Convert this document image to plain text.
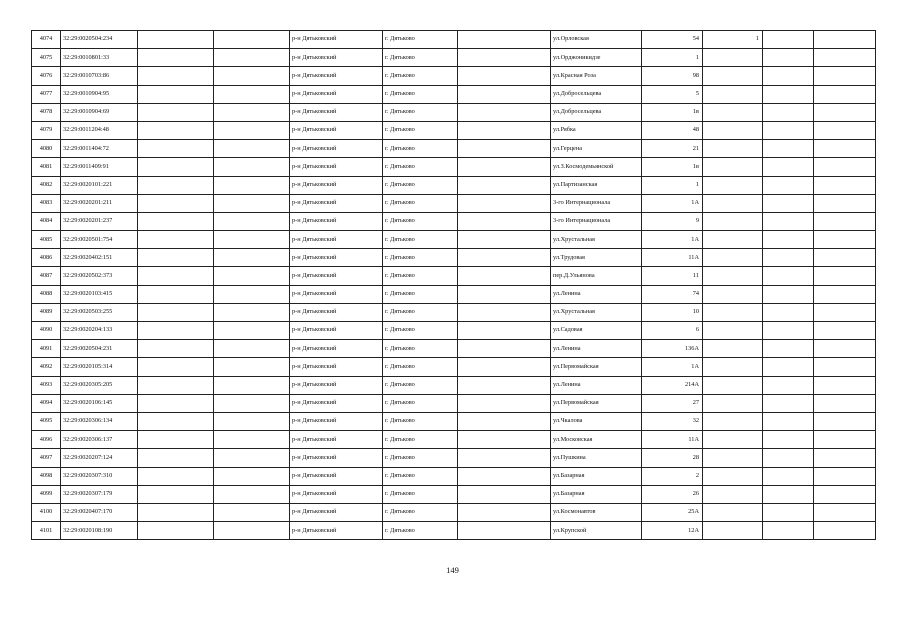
4074	32:29:0020504:234			р-н Дятьковский	г. Дятьково		ул.Орловская	54	1		
4075	32:29:0010801:33			р-н Дятьковский	г. Дятьково		ул.Орджоникидзе	1			
4076	32:29:0010703:86			р-н Дятьковский	г. Дятьково		ул.Красная Роза	98			
4077	32:29:0010904:95			р-н Дятьковский	г. Дятьково		ул.Добросельцева	5			
4078	32:29:0010904:69			р-н Дятьковский	г. Дятьково		ул.Добросельцева	1в			
4079	32:29:0011204:48			р-н Дятьковский	г. Дятьково		ул.Рябка	48			
4080	32:29:0011404:72			р-н Дятьковский	г. Дятьково		ул.Герцена	21			
4081	32:29:0011409:91			р-н Дятьковский	г. Дятьково		ул.З.Космодемьянской	1в			
4082	32:29:0020101:221			р-н Дятьковский	г. Дятьково		ул.Партизанская	1			
4083	32:29:0020201:211			р-н Дятьковский	г. Дятьково		3-го Интернационала	1А			
4084	32:29:0020201:237			р-н Дятьковский	г. Дятьково		3-го Интернационала	9			
4085	32:29:0020501:754			р-н Дятьковский	г. Дятьково		ул.Хрустальная	1А			
4086	32:29:0020402:151			р-н Дятьковский	г. Дятьково		ул.Трудовая	11А			
4087	32:29:0020502:373			р-н Дятьковский	г. Дятьково		пер.Д.Ульянова	11			
4088	32:29:0020103:415			р-н Дятьковский	г. Дятьково		ул.Ленина	74			
4089	32:29:0020503:255			р-н Дятьковский	г. Дятьково		ул.Хрустальная	10			
4090	32:29:0020204:133			р-н Дятьковский	г. Дятьково		ул.Садовая	6			
4091	32:29:0020504:231			р-н Дятьковский	г. Дятьково		ул.Ленина	136А			
4092	32:29:0020105:314			р-н Дятьковский	г. Дятьково		ул.Первомайская	1А			
4093	32:29:0020305:205			р-н Дятьковский	г. Дятьково		ул.Ленина	214А			
4094	32:29:0020106:145			р-н Дятьковский	г. Дятьково		ул.Первомайская	27			
4095	32:29:0020306:134			р-н Дятьковский	г. Дятьково		ул.Чкалова	32			
4096	32:29:0020306:137			р-н Дятьковский	г. Дятьково		ул.Московская	11А			
4097	32:29:0020207:124			р-н Дятьковский	г. Дятьково		ул.Пушкина	28			
4098	32:29:0020307:310			р-н Дятьковский	г. Дятьково		ул.Базарная	2			
4099	32:29:0020307:179			р-н Дятьковский	г. Дятьково		ул.Базарная	26			
4100	32:29:0020407:170			р-н Дятьковский	г. Дятьково		ул.Космонавтов	25А			
4101	32:29:0020108:190			р-н Дятьковский	г. Дятьково		ул.Крупской	12А			
149
